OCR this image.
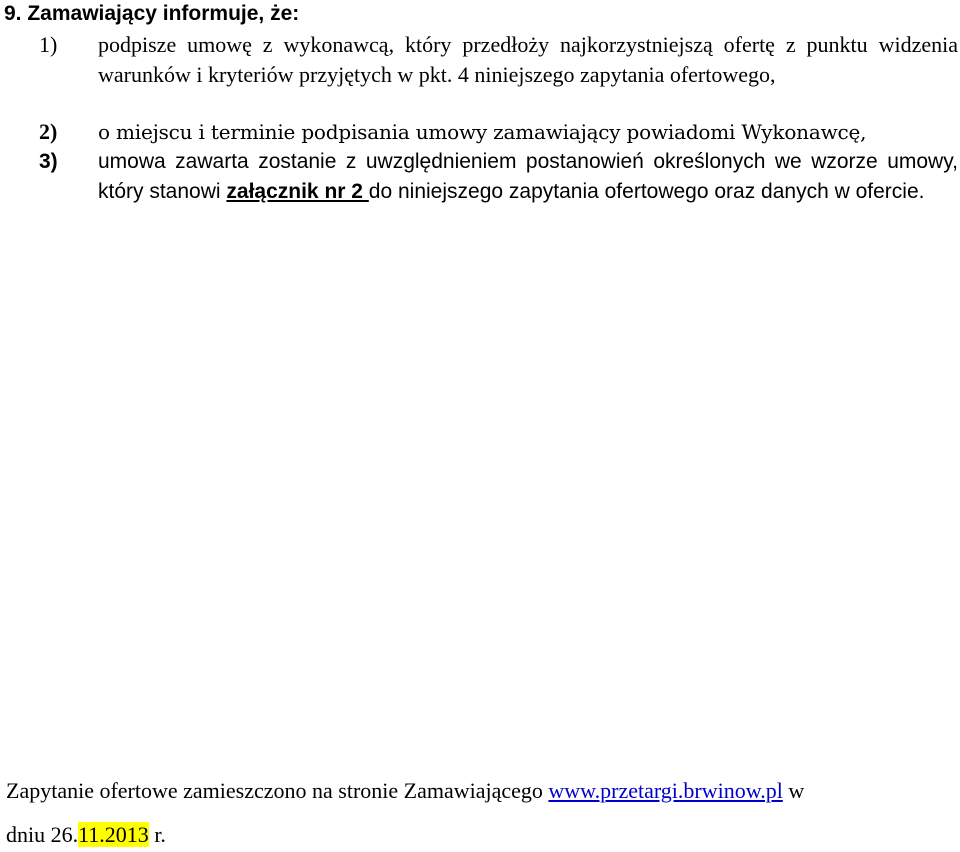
9. Zamawiający informuje, że:
1) podpisze umowę z wykonawcą, który przedłoży najkorzystniejszą ofertę z punktu widzenia warunków i kryteriów przyjętych w pkt. 4 niniejszego zapytania ofertowego,
2) o miejscu i terminie podpisania umowy zamawiający powiadomi Wykonawcę,
3) umowa zawarta zostanie z uwzględnieniem postanowień określonych we wzorze umowy, który stanowi załącznik nr 2 do niniejszego zapytania ofertowego oraz danych w ofercie.
Zapytanie ofertowe zamieszczono na stronie Zamawiającego www.przetargi.brwinow.pl w
dniu 26.11.2013 r.
